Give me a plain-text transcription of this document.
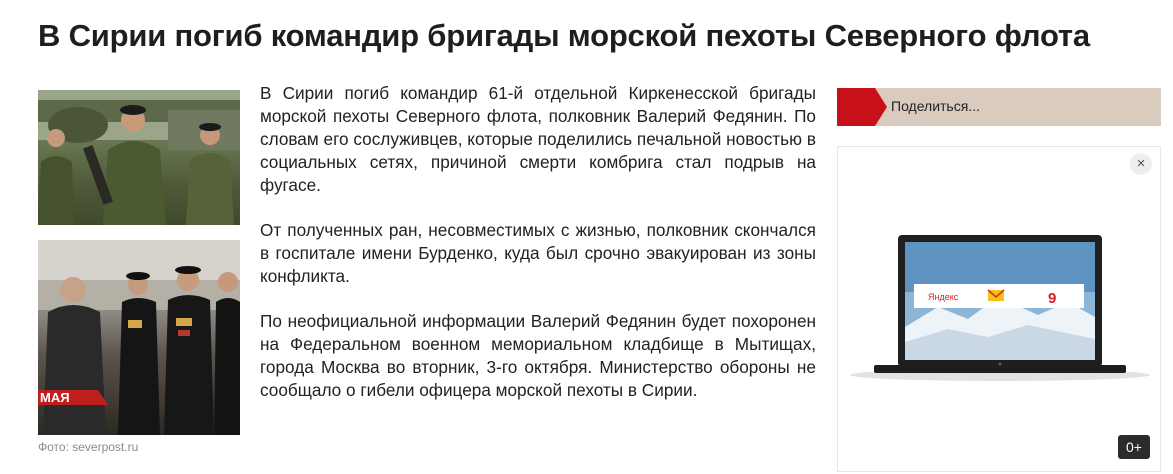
В Сирии погиб командир бригады морской пехоты Северного флота
МАЯ
Фото: severpost.ru

В Сирии погиб командир 61-й отдельной Киркенесской бригады морской пехоты Северного флота, полковник Валерий Федянин. По словам его сослуживцев, которые поделились печальной новостью в социальных сетях, причиной смерти комбрига стал подрыв на фугасе.

От полученных ран, несовместимых с жизнью, полковник скончался в госпитале имени Бурденко, куда был срочно эвакуирован из зоны конфликта.

По неофициальной информации Валерий Федянин будет похоронен на Федеральном военном мемориальном кладбище в Мытищах, города Москва во вторник, 3-го октября. Министерство обороны не сообщало о гибели офицера морской пехоты в Сирии.

Поделиться...
Яндекс	9
×
0+
